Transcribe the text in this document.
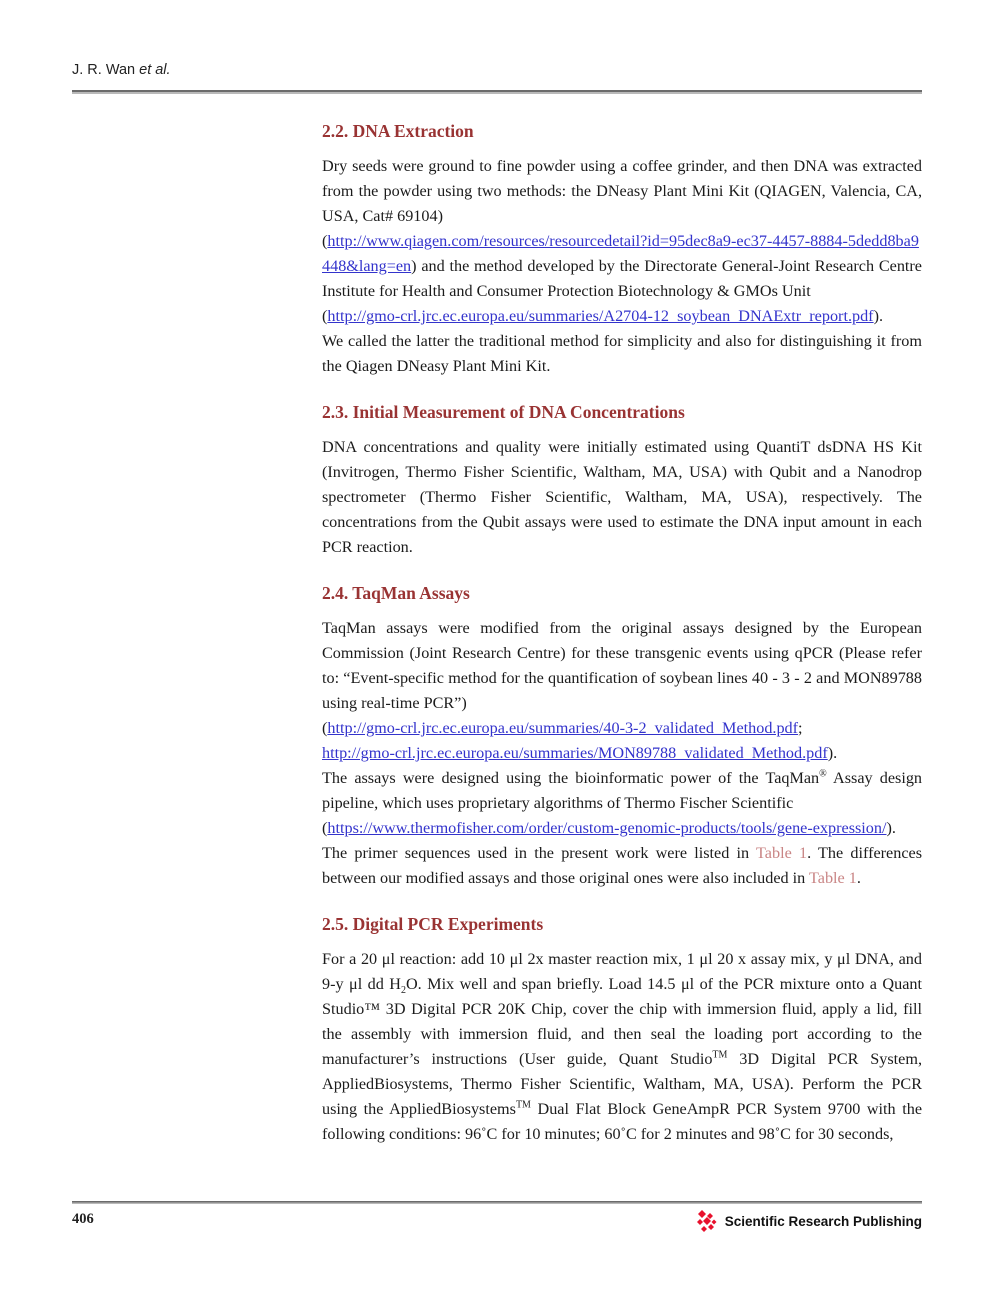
J. R. Wan et al.
2.2. DNA Extraction

Dry seeds were ground to fine powder using a coffee grinder, and then DNA was extracted from the powder using two methods: the DNeasy Plant Mini Kit (QIAGEN, Valencia, CA, USA, Cat# 69104)
(http://www.qiagen.com/resources/resourcedetail?id=95dec8a9-ec37-4457-8884-5dedd8ba9448&lang=en) and the method developed by the Directorate General-Joint Research Centre Institute for Health and Consumer Protection Biotechnology & GMOs Unit
(http://gmo-crl.jrc.ec.europa.eu/summaries/A2704-12_soybean_DNAExtr_report.pdf).
We called the latter the traditional method for simplicity and also for distinguishing it from the Qiagen DNeasy Plant Mini Kit.

2.3. Initial Measurement of DNA Concentrations

DNA concentrations and quality were initially estimated using QuantiT dsDNA HS Kit (Invitrogen, Thermo Fisher Scientific, Waltham, MA, USA) with Qubit and a Nanodrop spectrometer (Thermo Fisher Scientific, Waltham, MA, USA), respectively. The concentrations from the Qubit assays were used to estimate the DNA input amount in each PCR reaction.

2.4. TaqMan Assays

TaqMan assays were modified from the original assays designed by the European Commission (Joint Research Centre) for these transgenic events using qPCR (Please refer to: “Event-specific method for the quantification of soybean lines 40 - 3 - 2 and MON89788 using real-time PCR”)
(http://gmo-crl.jrc.ec.europa.eu/summaries/40-3-2_validated_Method.pdf;
http://gmo-crl.jrc.ec.europa.eu/summaries/MON89788_validated_Method.pdf).
The assays were designed using the bioinformatic power of the TaqMan® Assay design pipeline, which uses proprietary algorithms of Thermo Fischer Scientific
(https://www.thermofisher.com/order/custom-genomic-products/tools/gene-expression/). The primer sequences used in the present work were listed in Table 1. The differences between our modified assays and those original ones were also included in Table 1.

2.5. Digital PCR Experiments

For a 20 μl reaction: add 10 μl 2x master reaction mix, 1 μl 20 x assay mix, y μl DNA, and 9-y μl dd $H_2O$. Mix well and span briefly. Load 14.5 μl of the PCR mixture onto a Quant Studio™ 3D Digital PCR 20K Chip, cover the chip with immersion fluid, apply a lid, fill the assembly with immersion fluid, and then seal the loading port according to the manufacturer’s instructions (User guide, Quant Studio™ 3D Digital PCR System, AppliedBiosystems, Thermo Fisher Scientific, Waltham, MA, USA). Perform the PCR using the AppliedBiosystems™ Dual Flat Block GeneAmpR PCR System 9700 with the following conditions: 96˚C for 10 minutes; 60˚C for 2 minutes and 98˚C for 30 seconds,

406	Scientific Research Publishing
